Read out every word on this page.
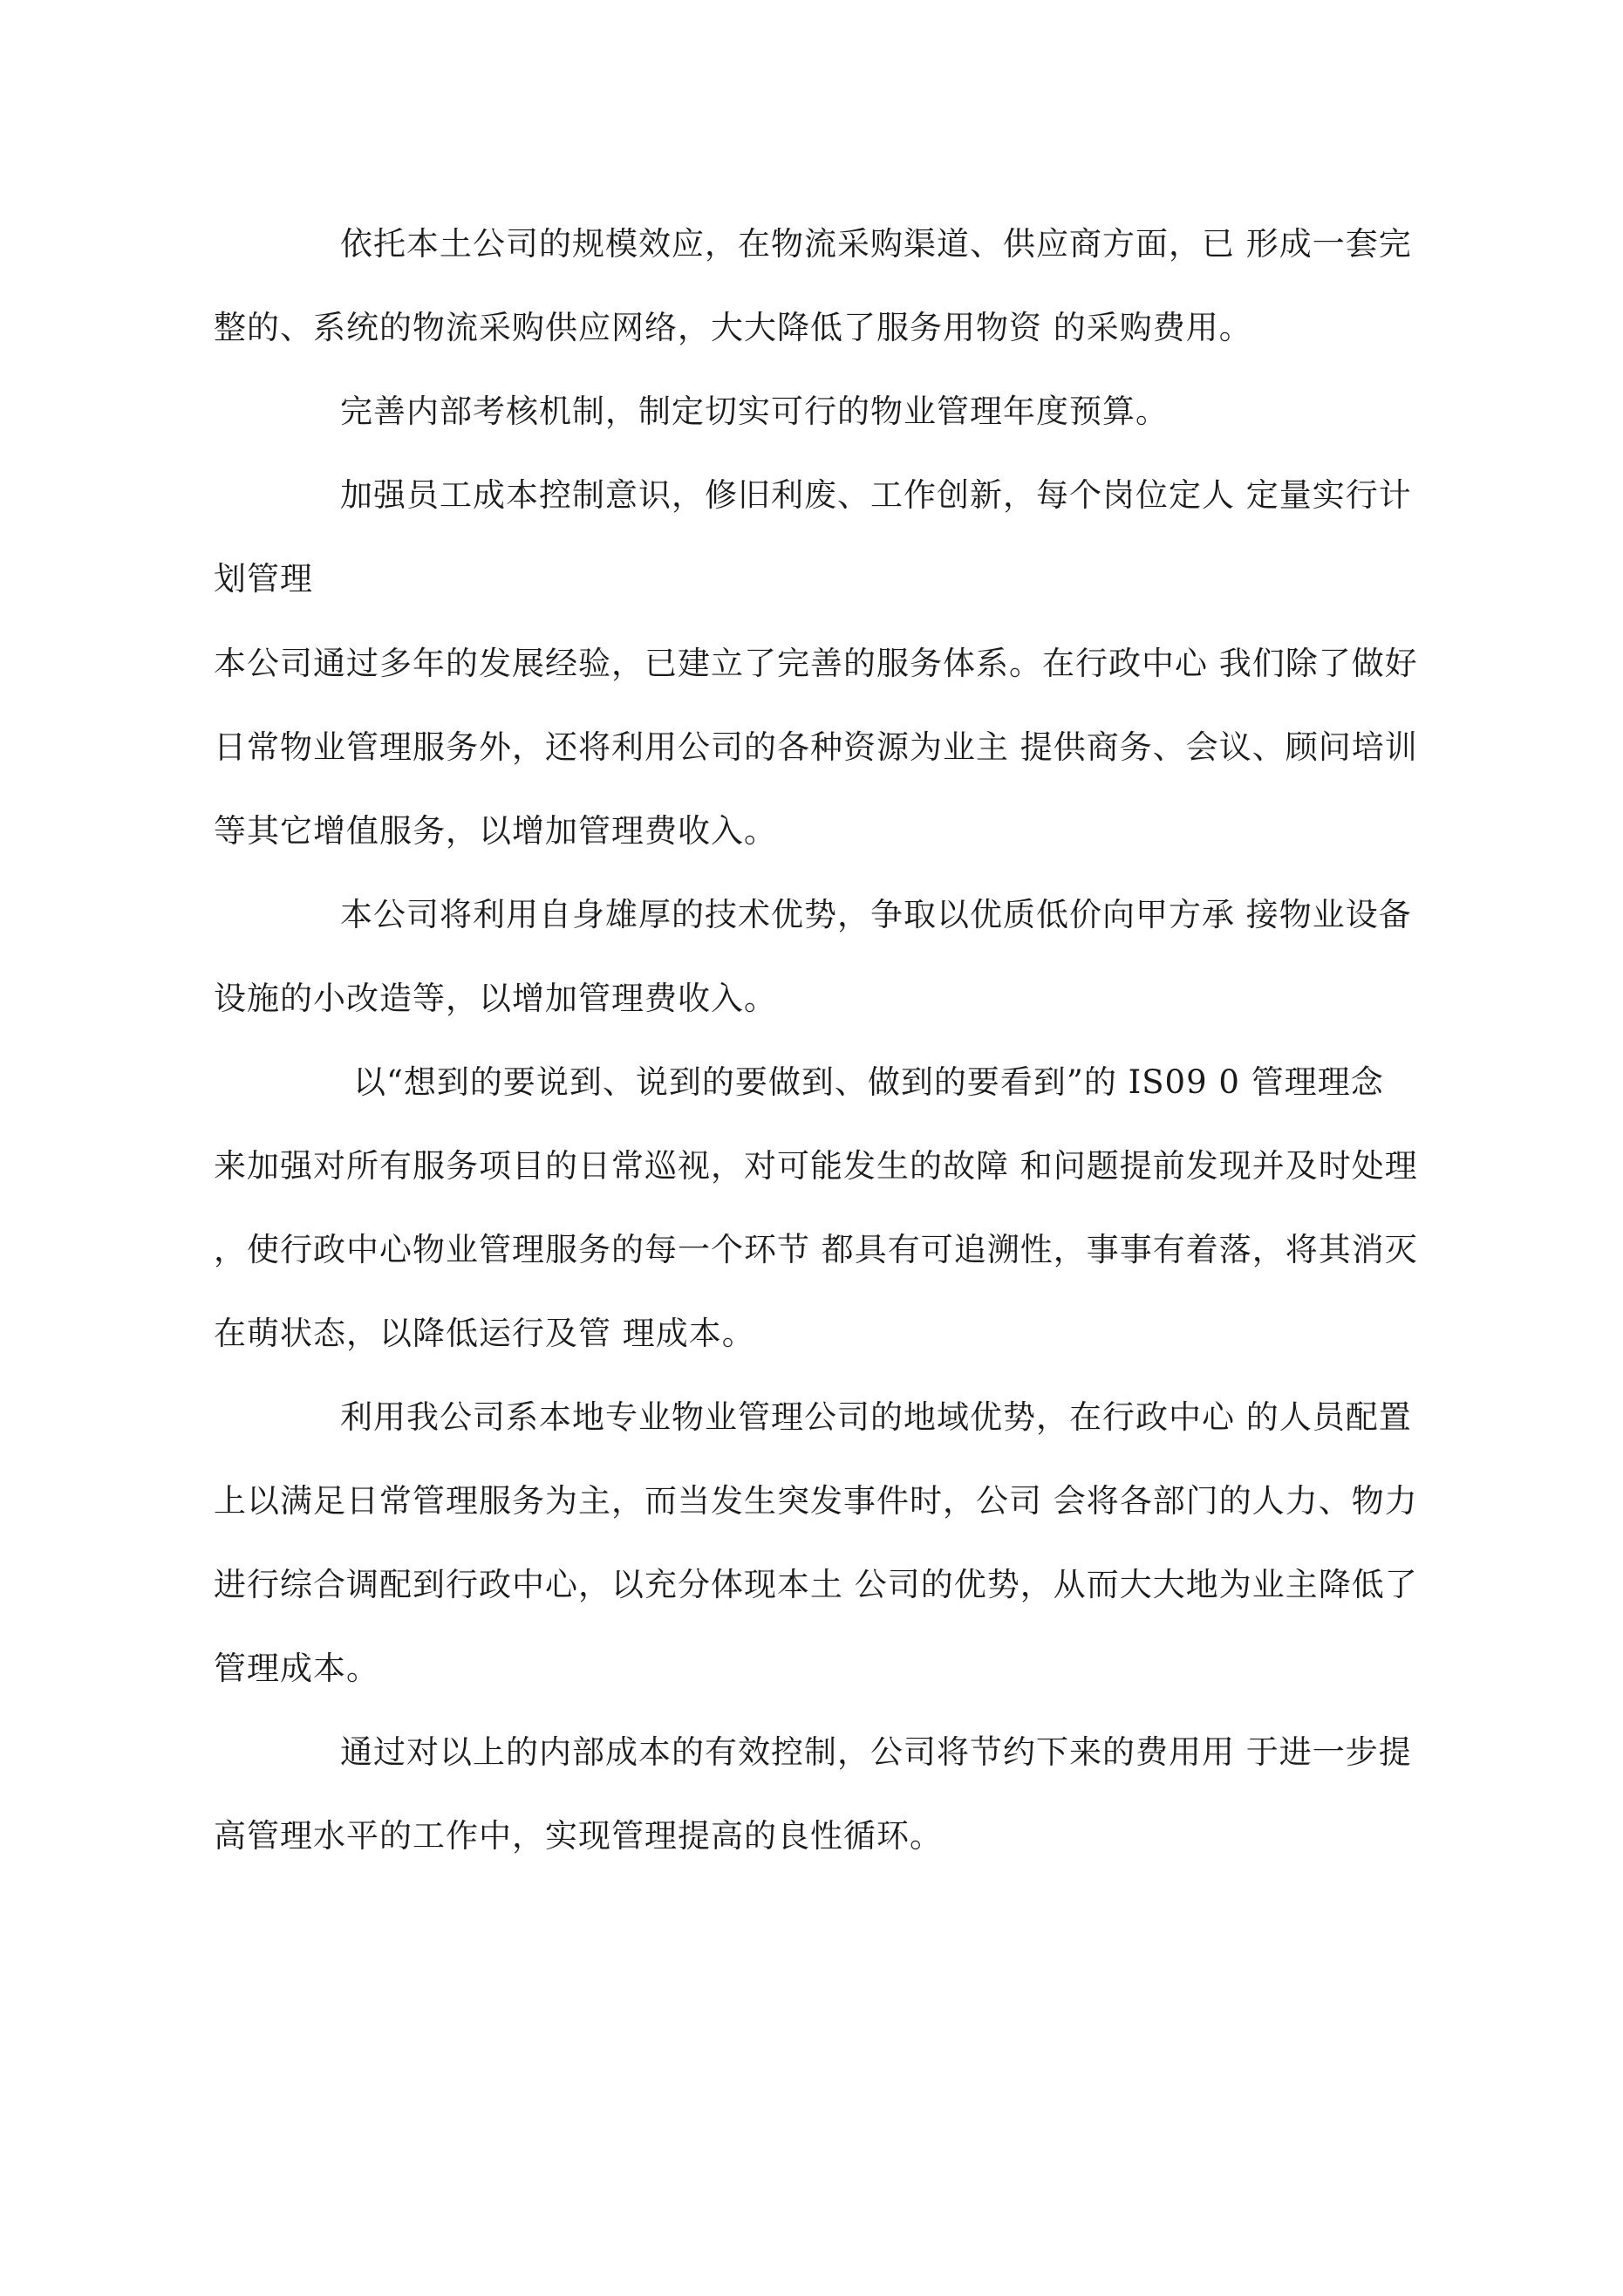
依托本土公司的规模效应，在物流采购渠道、供应商方面，已 形成一套完
整的、系统的物流采购供应网络，大大降低了服务用物资 的采购费用。
完善内部考核机制，制定切实可行的物业管理年度预算。
加强员工成本控制意识，修旧利废、工作创新，每个岗位定人 定量实行计
划管理
本公司通过多年的发展经验，已建立了完善的服务体系。在行政中心 我们除了做好
日常物业管理服务外，还将利用公司的各种资源为业主 提供商务、会议、顾问培训
等其它增值服务，以增加管理费收入。
本公司将利用自身雄厚的技术优势，争取以优质低价向甲方承 接物业设备
设施的小改造等，以增加管理费收入。
以“想到的要说到、说到的要做到、做到的要看到”的 IS09 0 管理理念
来加强对所有服务项目的日常巡视，对可能发生的故障 和问题提前发现并及时处理
，使行政中心物业管理服务的每一个环节 都具有可追溯性，事事有着落，将其消灭
在萌状态，以降低运行及管 理成本。
利用我公司系本地专业物业管理公司的地域优势，在行政中心 的人员配置
上以满足日常管理服务为主，而当发生突发事件时，公司 会将各部门的人力、物力
进行综合调配到行政中心，以充分体现本土 公司的优势，从而大大地为业主降低了
管理成本。
通过对以上的内部成本的有效控制，公司将节约下来的费用用 于进一步提
高管理水平的工作中，实现管理提高的良性循环。
